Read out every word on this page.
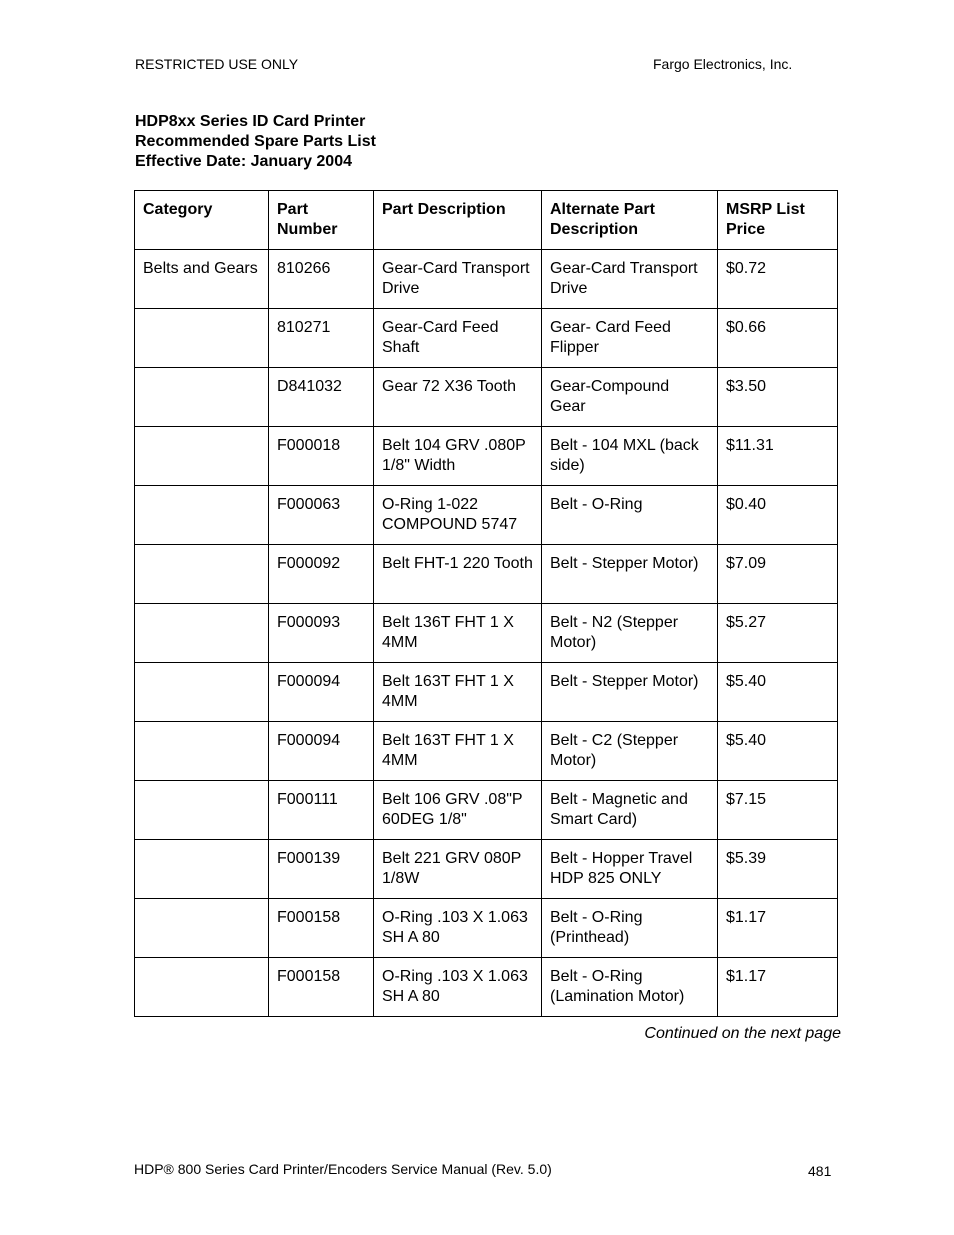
RESTRICTED USE ONLY	Fargo Electronics, Inc.
HDP8xx Series ID Card Printer
Recommended Spare Parts List
Effective Date: January 2004
Category	Part Number	Part Description	Alternate Part Description	MSRP List Price
Belts and Gears	810266	Gear-Card Transport Drive	Gear-Card Transport Drive	$0.72
	810271	Gear-Card Feed Shaft	Gear- Card Feed Flipper	$0.66
	D841032	Gear 72 X36 Tooth	Gear-Compound Gear	$3.50
	F000018	Belt 104 GRV .080P 1/8" Width	Belt - 104 MXL (back side)	$11.31
	F000063	O-Ring 1-022 COMPOUND 5747	Belt - O-Ring	$0.40
	F000092	Belt FHT-1 220 Tooth	Belt - Stepper Motor)	$7.09
	F000093	Belt 136T FHT 1 X 4MM	Belt - N2 (Stepper Motor)	$5.27
	F000094	Belt 163T FHT 1 X 4MM	Belt - Stepper Motor)	$5.40
	F000094	Belt 163T FHT 1 X 4MM	Belt - C2 (Stepper Motor)	$5.40
	F000111	Belt 106 GRV .08"P 60DEG 1/8"	Belt - Magnetic and Smart Card)	$7.15
	F000139	Belt 221 GRV 080P 1/8W	Belt - Hopper Travel HDP 825 ONLY	$5.39
	F000158	O-Ring .103 X 1.063 SH A 80	Belt - O-Ring (Printhead)	$1.17
	F000158	O-Ring .103 X 1.063 SH A 80	Belt - O-Ring (Lamination Motor)	$1.17
Continued on the next page
HDP® 800 Series Card Printer/Encoders Service Manual (Rev. 5.0)	481
